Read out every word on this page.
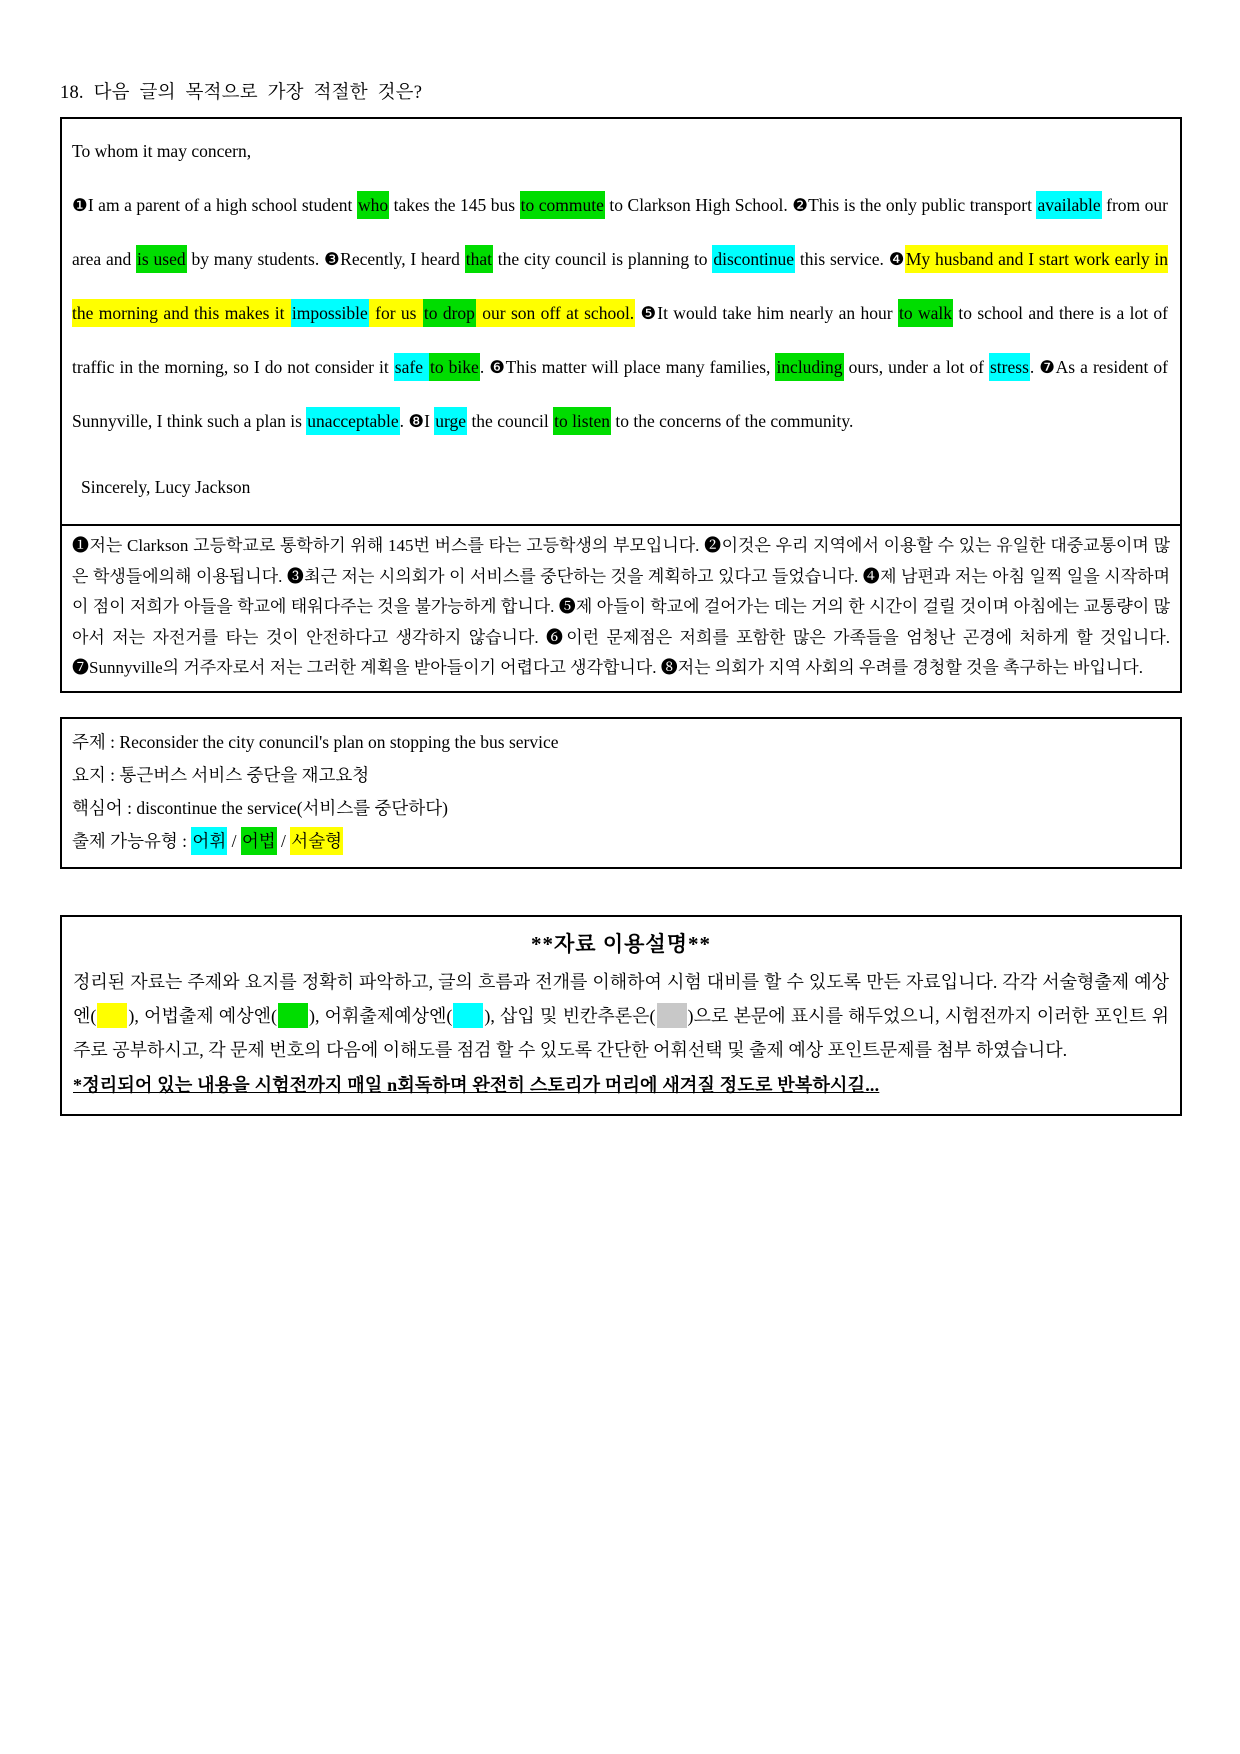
18. 다음 글의 목적으로 가장 적절한 것은?
To whom it may concern,
❶I am a parent of a high school student who takes the 145 bus to commute to Clarkson High School. ❷This is the only public transport available from our area and is used by many students. ❸Recently, I heard that the city council is planning to discontinue this service. ❹My husband and I start work early in the morning and this makes it impossible for us to drop our son off at school. ❺It would take him nearly an hour to walk to school and there is a lot of traffic in the morning, so I do not consider it safe to bike. ❻This matter will place many families, including ours, under a lot of stress. ❼As a resident of Sunnyville, I think such a plan is unacceptable. ❽I urge the council to listen to the concerns of the community.
Sincerely, Lucy Jackson
❶저는 Clarkson 고등학교로 통학하기 위해 145번 버스를 타는 고등학생의 부모입니다. ❷이것은 우리 지역에서 이용할 수 있는 유일한 대중교통이며 많은 학생들에의해 이용됩니다. ❸최근 저는 시의회가 이 서비스를 중단하는 것을 계획하고 있다고 들었습니다. ❹제 남편과 저는 아침 일찍 일을 시작하며 이 점이 저희가 아들을 학교에 태워다주는 것을 불가능하게 합니다. ❺제 아들이 학교에 걸어가는 데는 거의 한 시간이 걸릴 것이며 아침에는 교통량이 많아서 저는 자전거를 타는 것이 안전하다고 생각하지 않습니다. ❻이런 문제점은 저희를 포함한 많은 가족들을 엄청난 곤경에 처하게 할 것입니다. ❼Sunnyville의 거주자로서 저는 그러한 계획을 받아들이기 어렵다고 생각합니다. ❽저는 의회가 지역 사회의 우려를 경청할 것을 촉구하는 바입니다.
주제 : Reconsider the city conuncil's plan on stopping the bus service
요지 : 통근버스 서비스 중단을 재고요청
핵심어 : discontinue the service(서비스를 중단하다)
출제 가능유형 : 어휘 / 어법 / 서술형
**자료 이용설명**
정리된 자료는 주제와 요지를 정확히 파악하고, 글의 흐름과 전개를 이해하여 시험 대비를 할 수 있도록 만든 자료입니다. 각각 서술형출제 예상엔( ), 어법출제 예상엔( ), 어휘출제예상엔( ), 삽입 및 빈칸추론은( )으로 본문에 표시를 해두었으니, 시험전까지 이러한 포인트 위주로 공부하시고, 각 문제 번호의 다음에 이해도를 점검 할 수 있도록 간단한 어휘선택 및 출제 예상 포인트문제를 첨부 하였습니다.
*정리되어 있는 내용을 시험전까지 매일 n회독하며 완전히 스토리가 머리에 새겨질 정도로 반복하시길...
